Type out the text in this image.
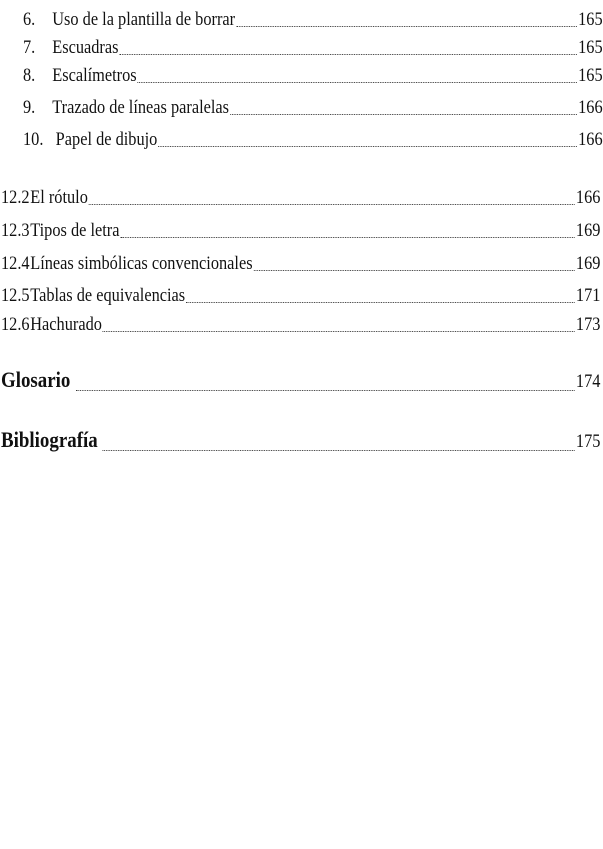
6. Uso de la plantilla de borrar	165
7. Escuadras	165
8. Escalímetros	165
9. Trazado de líneas paralelas	166
10. Papel de dibujo	166
12.2 El rótulo	166
12.3 Tipos de letra	169
12.4 Líneas simbólicas convencionales	169
12.5 Tablas de equivalencias	171
12.6 Hachurado	173
Glosario	174
Bibliografía	175
